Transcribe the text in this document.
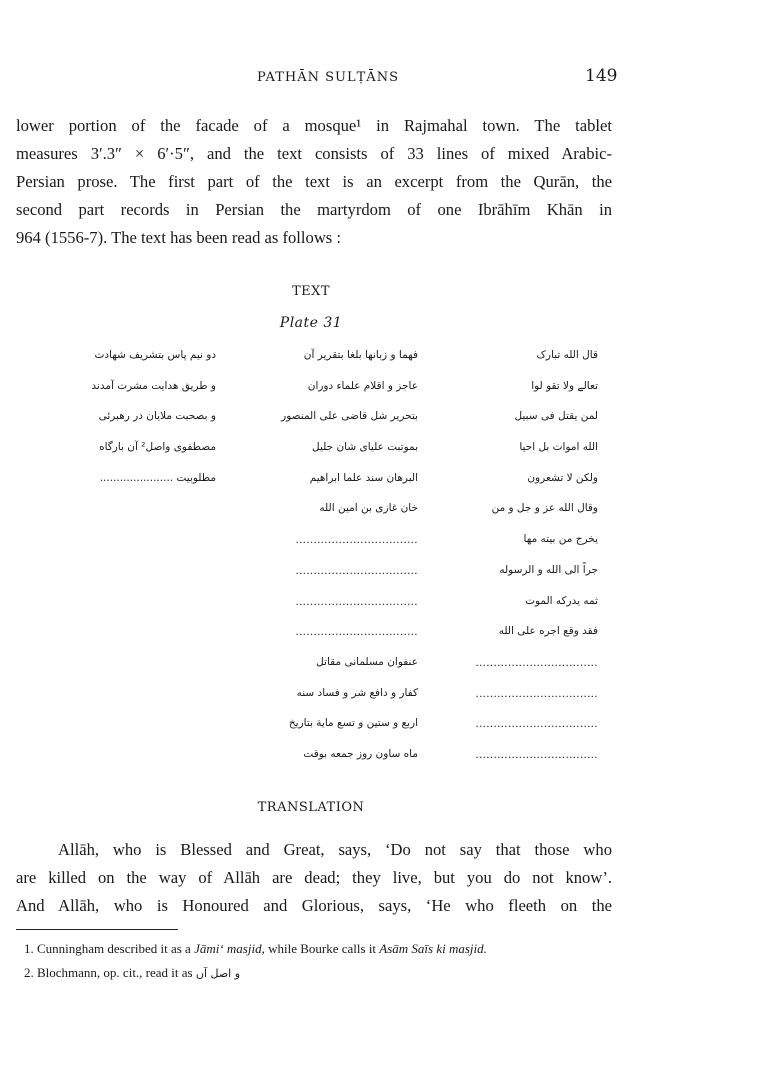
PATHĀN SULṬĀNS	149
lower portion of the facade of a mosque¹ in Rajmahal town. The tablet
measures 3′.3″ × 6′·5″, and the text consists of 33 lines of mixed Arabic-
Persian prose. The first part of the text is an excerpt from the Qurān, the
second part records in Persian the martyrdom of one Ibrāhīm Khān in
964 (1556-7). The text has been read as follows :
TEXT
Plate 31
قال الله تبارک
تعالے ولا تقو لوا
لمن يقتل فی سبيل
الله اموات بل احيا
ولکن لا تشعرون
وقال الله عز و جل و من
يخرج من بيته مها
جراً الی الله و الرسوله
ثمه يدرکه الموت
فقد وقع اجره علی الله
..................................
..................................
..................................
..................................
فهما و زبانها بلغا بتقرير آن
عاجز و اقلام علماء دوران
بتحرير شل قاضی علی المنصور
بموتبت عليای شان جليل
البرهان سند علما ابراهيم
خان غازی بن امين الله
..................................
..................................
..................................
..................................
عنفوان مسلمانی مقاتل
کفار و دافع شر و فساد سنه
اربع و ستين و تسع ماية بتاريخ
ماه ساون روز جمعه بوقت
دو نيم پاس بتشريف شهادت
و طريق هدايت مشرت آمدند
و بصحبت ملايان در رهبرئی
مصطفوی واصل² آن بارگاه
مطلوبيت ......................
TRANSLATION
Allāh, who is Blessed and Great, says, ‘Do not say that those who
are killed on the way of Allāh are dead; they live, but you do not know’.
And Allāh, who is Honoured and Glorious, says, ‘He who fleeth on the
1. Cunningham described it as a Jāmi‘ masjid, while Bourke calls it Asām Saīs ki masjid.
2. Blochmann, op. cit., read it as و اصل آں
